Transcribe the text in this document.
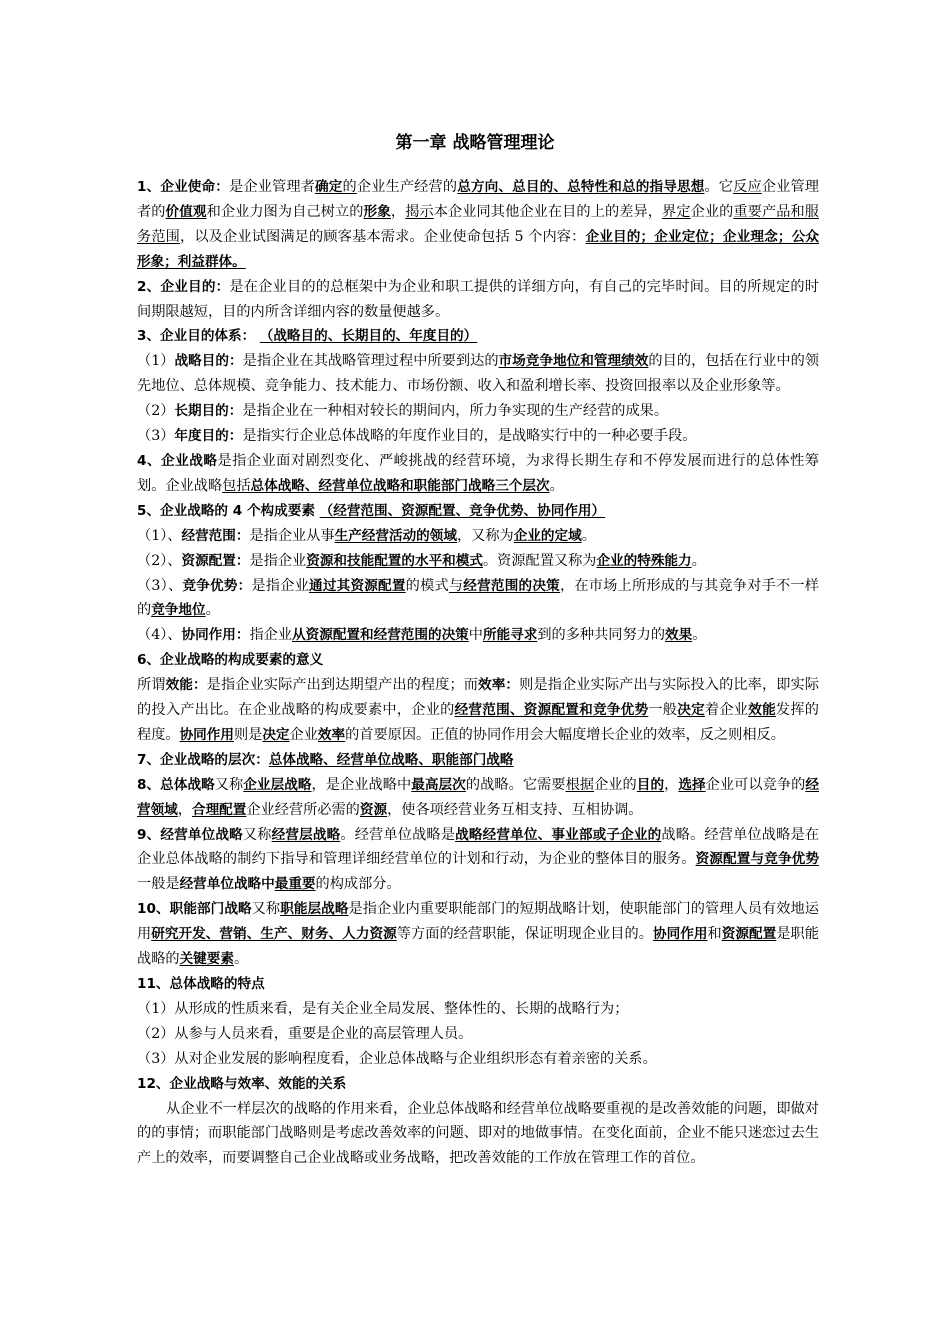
第一章 战略管理理论

1、企业使命：是企业管理者确定的企业生产经营的总方向、总目的、总特性和总的指导思想。它反应企业管理者的价值观和企业力图为自己树立的形象，揭示本企业同其他企业在目的上的差异，界定企业的重要产品和服务范围，以及企业试图满足的顾客基本需求。企业使命包括 5 个内容：企业目的；企业定位；企业理念；公众形象；利益群体。

2、企业目的：是在企业目的的总框架中为企业和职工提供的详细方向，有自己的完毕时间。目的所规定的时间期限越短，目的内所含详细内容的数量便越多。

3、企业目的体系： （战略目的、长期目的、年度目的）

（1）战略目的：是指企业在其战略管理过程中所要到达的市场竞争地位和管理绩效的目的，包括在行业中的领先地位、总体规模、竞争能力、技术能力、市场份额、收入和盈利增长率、投资回报率以及企业形象等。

（2）长期目的：是指企业在一种相对较长的期间内，所力争实现的生产经营的成果。

（3）年度目的：是指实行企业总体战略的年度作业目的，是战略实行中的一种必要手段。

4、企业战略是指企业面对剧烈变化、严峻挑战的经营环境，为求得长期生存和不停发展而进行的总体性筹划。企业战略包括总体战略、经营单位战略和职能部门战略三个层次。

5、企业战略的 4 个构成要素 （经营范围、资源配置、竞争优势、协同作用）

（1）、经营范围：是指企业从事生产经营活动的领域，又称为企业的定域。

（2）、资源配置：是指企业资源和技能配置的水平和模式。资源配置又称为企业的特殊能力。

（3）、竞争优势：是指企业通过其资源配置的模式与经营范围的决策，在市场上所形成的与其竞争对手不一样的竞争地位。

（4）、协同作用：指企业从资源配置和经营范围的决策中所能寻求到的多种共同努力的效果。

6、企业战略的构成要素的意义

所谓效能：是指企业实际产出到达期望产出的程度；而效率：则是指企业实际产出与实际投入的比率，即实际的投入产出比。在企业战略的构成要素中，企业的经营范围、资源配置和竞争优势一般决定着企业效能发挥的程度。协同作用则是决定企业效率的首要原因。正值的协同作用会大幅度增长企业的效率，反之则相反。

7、企业战略的层次：总体战略、经营单位战略、职能部门战略

8、总体战略又称企业层战略，是企业战略中最高层次的战略。它需要根据企业的目的，选择企业可以竞争的经营领域，合理配置企业经营所必需的资源，使各项经营业务互相支持、互相协调。

9、经营单位战略又称经营层战略。经营单位战略是战略经营单位、事业部或子企业的战略。经营单位战略是在企业总体战略的制约下指导和管理详细经营单位的计划和行动，为企业的整体目的服务。资源配置与竞争优势一般是经营单位战略中最重要的构成部分。

10、职能部门战略又称职能层战略是指企业内重要职能部门的短期战略计划，使职能部门的管理人员有效地运用研究开发、营销、生产、财务、人力资源等方面的经营职能，保证明现企业目的。协同作用和资源配置是职能战略的关键要素。

11、总体战略的特点

（1）从形成的性质来看，是有关企业全局发展、整体性的、长期的战略行为；

（2）从参与人员来看，重要是企业的高层管理人员。

（3）从对企业发展的影响程度看，企业总体战略与企业组织形态有着亲密的关系。

12、企业战略与效率、效能的关系

从企业不一样层次的战略的作用来看，企业总体战略和经营单位战略要重视的是改善效能的问题，即做对的的事情；而职能部门战略则是考虑改善效率的问题、即对的地做事情。在变化面前，企业不能只迷恋过去生产上的效率，而要调整自己企业战略或业务战略，把改善效能的工作放在管理工作的首位。
